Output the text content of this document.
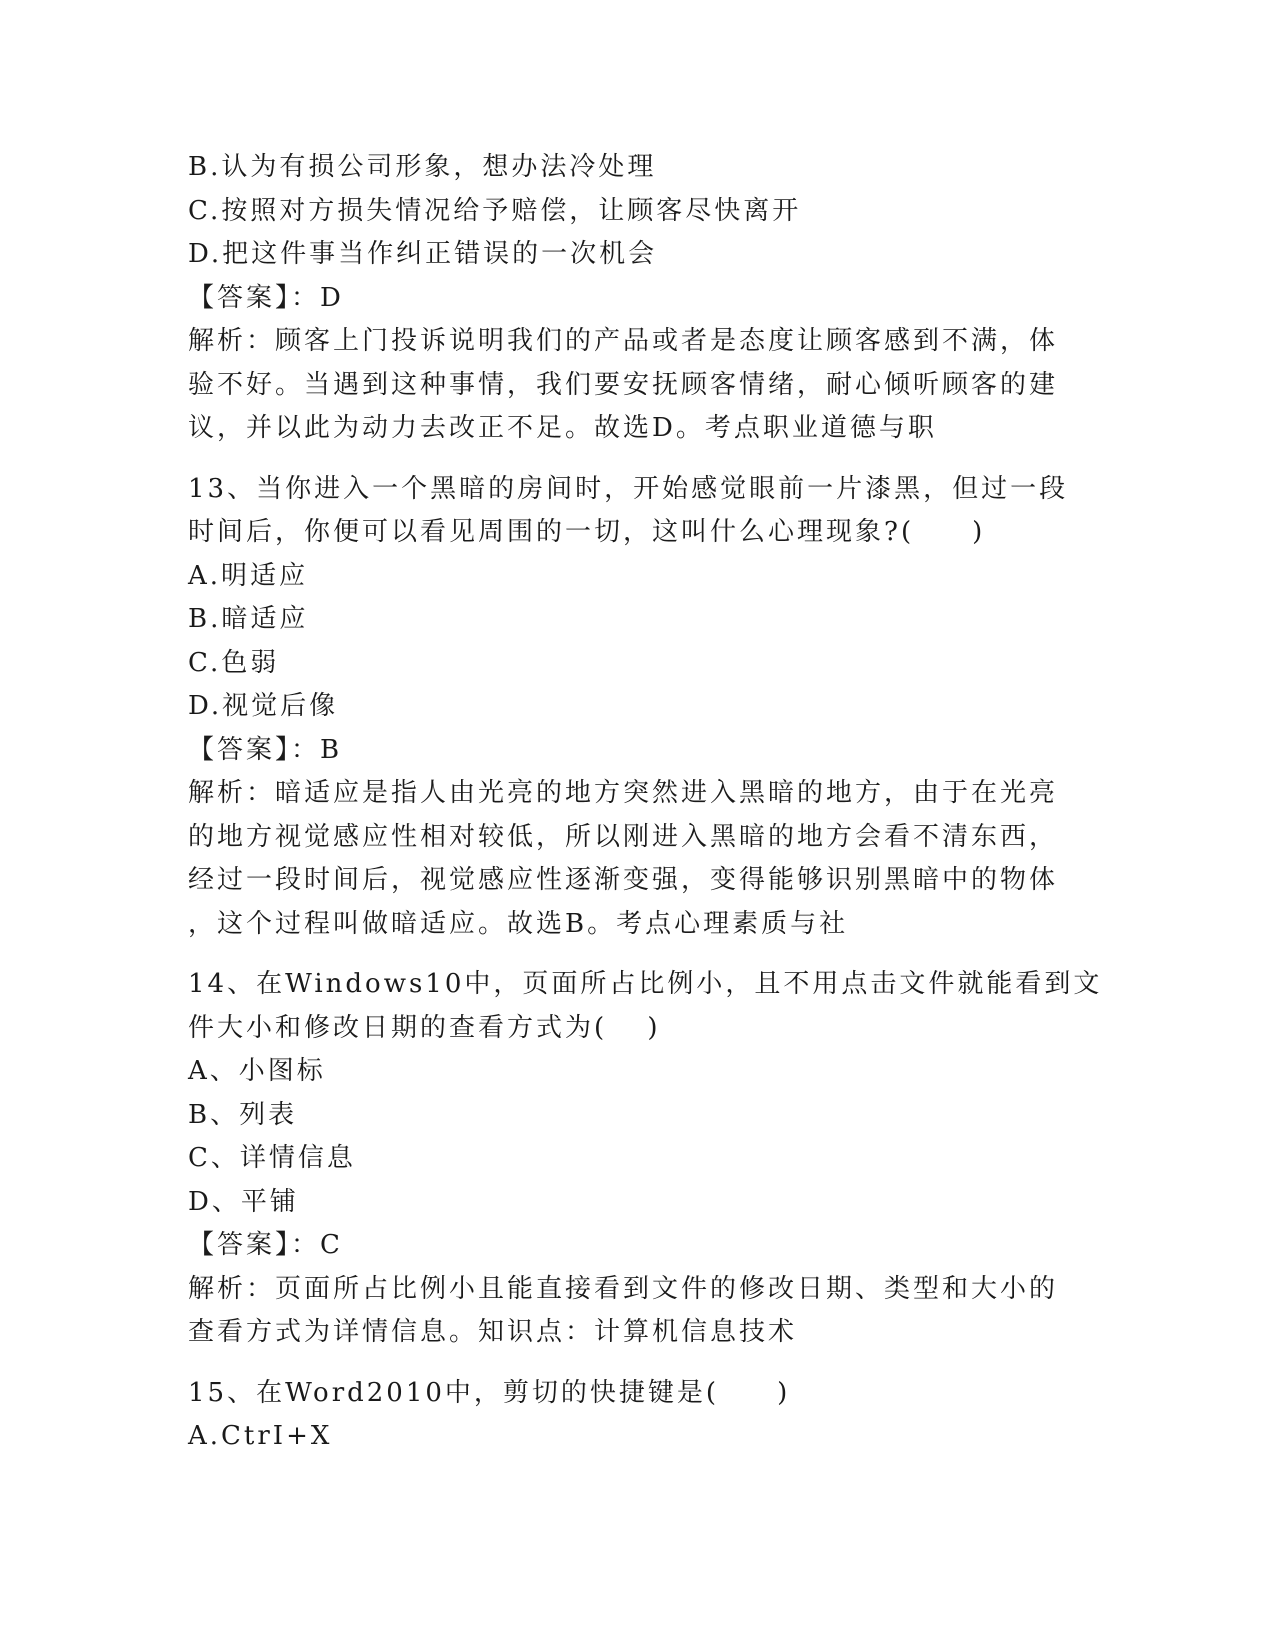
B.认为有损公司形象，想办法冷处理
C.按照对方损失情况给予赔偿，让顾客尽快离开
D.把这件事当作纠正错误的一次机会
【答案】：D
解析：顾客上门投诉说明我们的产品或者是态度让顾客感到不满，体
验不好。当遇到这种事情，我们要安抚顾客情绪，耐心倾听顾客的建
议，并以此为动力去改正不足。故选D。考点职业道德与职
13、当你进入一个黑暗的房间时，开始感觉眼前一片漆黑，但过一段
时间后，你便可以看见周围的一切，这叫什么心理现象?(　　)
A.明适应
B.暗适应
C.色弱
D.视觉后像
【答案】：B
解析：暗适应是指人由光亮的地方突然进入黑暗的地方，由于在光亮
的地方视觉感应性相对较低，所以刚进入黑暗的地方会看不清东西，
经过一段时间后，视觉感应性逐渐变强，变得能够识别黑暗中的物体
，这个过程叫做暗适应。故选B。考点心理素质与社
14、在Windows10中，页面所占比例小，且不用点击文件就能看到文
件大小和修改日期的查看方式为(　 )
A、小图标
B、列表
C、详情信息
D、平铺
【答案】：C
解析：页面所占比例小且能直接看到文件的修改日期、类型和大小的
查看方式为详情信息。知识点：计算机信息技术
15、在Word2010中，剪切的快捷键是(　　)
A.CtrI+X
